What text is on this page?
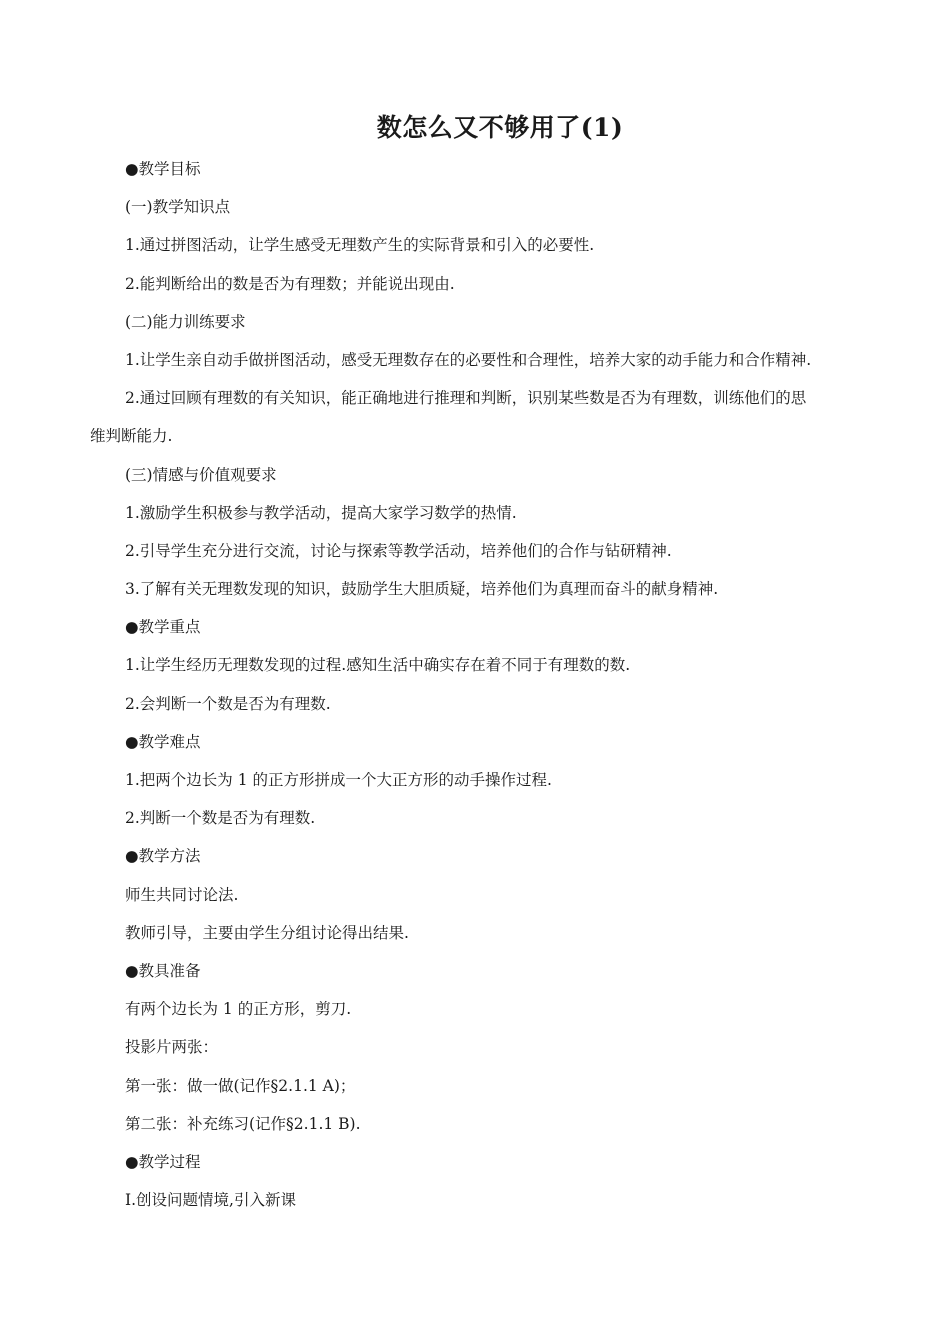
数怎么又不够用了(1)
●教学目标
(一)教学知识点
1.通过拼图活动，让学生感受无理数产生的实际背景和引入的必要性.
2.能判断给出的数是否为有理数；并能说出现由.
(二)能力训练要求
1.让学生亲自动手做拼图活动，感受无理数存在的必要性和合理性，培养大家的动手能力和合作精神.
2.通过回顾有理数的有关知识，能正确地进行推理和判断，识别某些数是否为有理数，训练他们的思
维判断能力.
(三)情感与价值观要求
1.激励学生积极参与教学活动，提高大家学习数学的热情.
2.引导学生充分进行交流，讨论与探索等教学活动，培养他们的合作与钻研精神.
3.了解有关无理数发现的知识，鼓励学生大胆质疑，培养他们为真理而奋斗的献身精神.
●教学重点
1.让学生经历无理数发现的过程.感知生活中确实存在着不同于有理数的数.
2.会判断一个数是否为有理数.
●教学难点
1.把两个边长为 1 的正方形拼成一个大正方形的动手操作过程.
2.判断一个数是否为有理数.
●教学方法
师生共同讨论法.
教师引导，主要由学生分组讨论得出结果.
●教具准备
有两个边长为 1 的正方形，剪刀.
投影片两张：
第一张：做一做(记作§2.1.1 A)；
第二张：补充练习(记作§2.1.1 B).
●教学过程
Ⅰ.创设问题情境,引入新课
